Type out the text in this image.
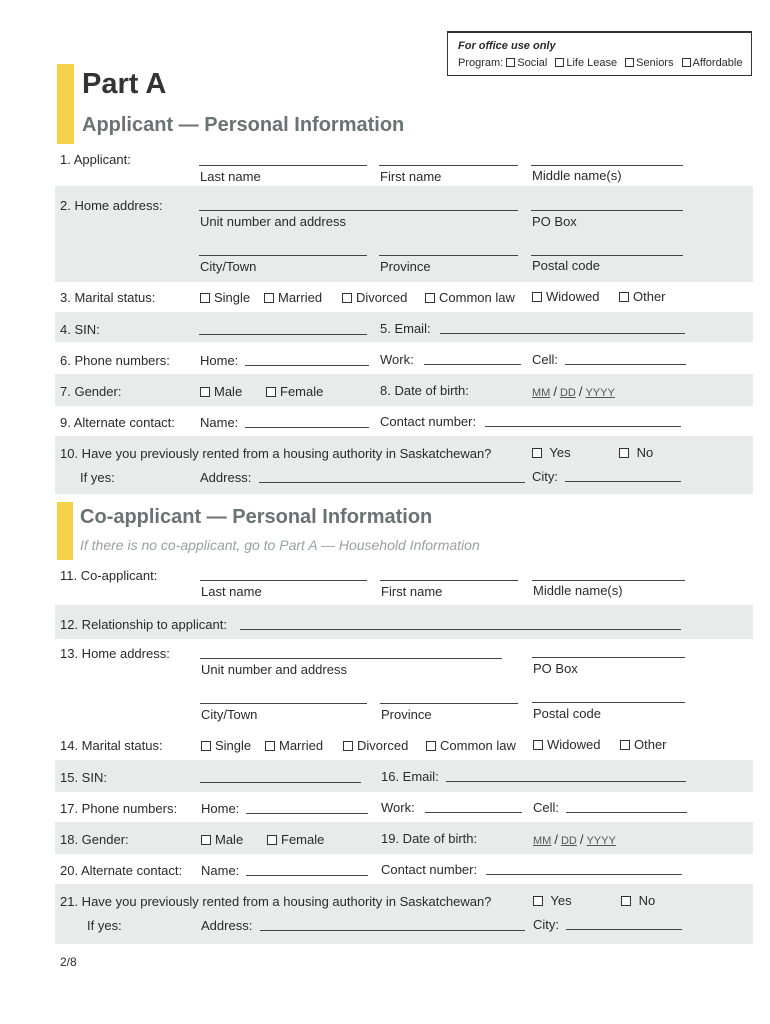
For office use only
Program: Social Life Lease Seniors Affordable
Part A
Applicant — Personal Information
1. Applicant:
Last name	First name	Middle name(s)
2. Home address:
Unit number and address	PO Box
City/Town	Province	Postal code
3. Marital status:	Single	Married	Divorced	Common law	Widowed	Other
4. SIN:	5. Email:
6. Phone numbers: Home:	Work:	Cell:
7. Gender:	Male	Female	8. Date of birth:	MM / DD / YYYY
9. Alternate contact: Name:	Contact number:
10. Have you previously rented from a housing authority in Saskatchewan?	Yes	No
If yes:	Address:	City:
Co-applicant — Personal Information
If there is no co-applicant, go to Part A — Household Information
11. Co-applicant:
Last name	First name	Middle name(s)
12. Relationship to applicant:
13. Home address:
Unit number and address	PO Box
City/Town	Province	Postal code
14. Marital status:	Single	Married	Divorced	Common law	Widowed	Other
15. SIN:	16. Email:
17. Phone numbers: Home:	Work:	Cell:
18. Gender:	Male	Female	19. Date of birth:	MM / DD / YYYY
20. Alternate contact: Name:	Contact number:
21. Have you previously rented from a housing authority in Saskatchewan?	Yes	No
If yes:	Address:	City:
2/8
